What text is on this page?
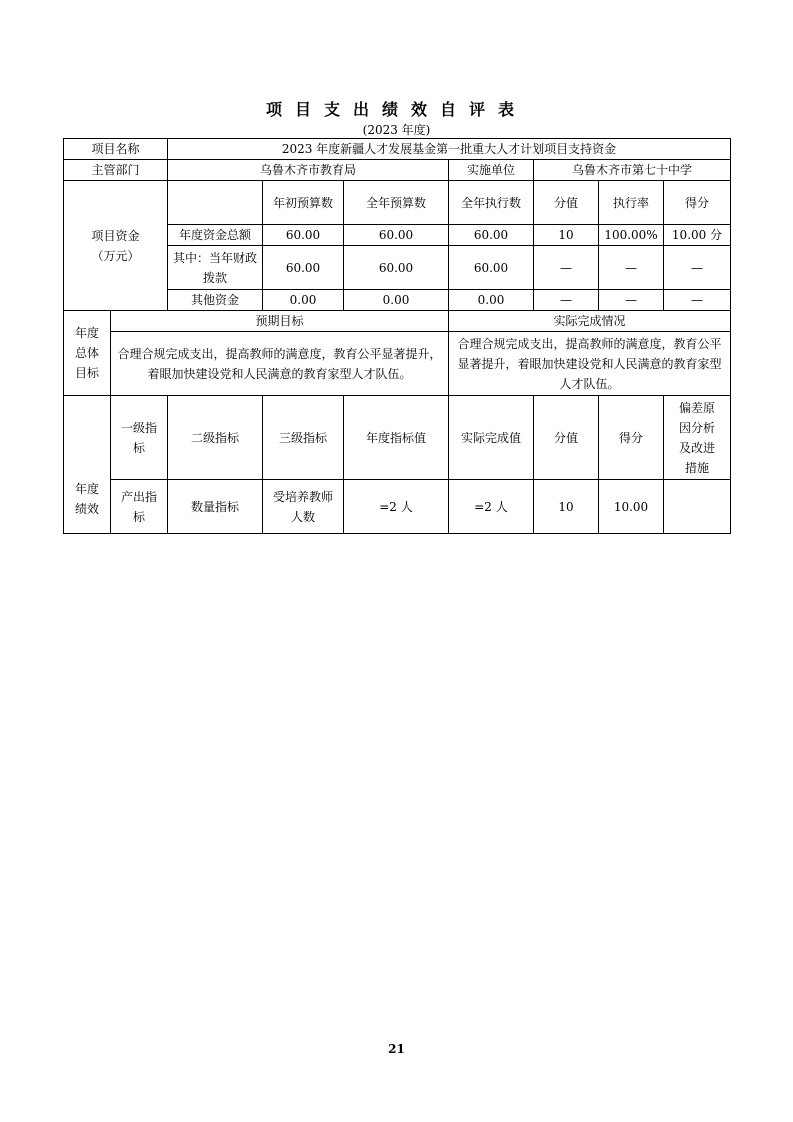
项目支出绩效自评表
(2023 年度)
项目名称		2023 年度新疆人才发展基金第一批重大人才计划项目支持资金						
主管部门		乌鲁木齐市教育局			实施单位	乌鲁木齐市第七十中学		

项目资金
（万元）			年初预算数	全年预算数	全年执行数	分值	执行率	得分
		年度资金总额	60.00	60.00	60.00	10	100.00%	10.00 分
		其中：当年财政拨款	60.00	60.00	60.00	—	—	—
		其他资金	0.00	0.00	0.00	—	—	—
年度总体目标	预期目标				实际完成情况			
	合理合规完成支出，提高教师的满意度，教育公平显著提升，着眼加快建设党和人民满意的教育家型人才队伍。				合理合规完成支出，提高教师的满意度，教育公平显著提升，着眼加快建设党和人民满意的教育家型人才队伍。			
年度绩效	一级指标	二级指标	三级指标	年度指标值	实际完成值	分值	得分	偏差原因分析及改进措施
	产出指标	数量指标	受培养教师人数	=2 人	=2 人	10	10.00	
21
